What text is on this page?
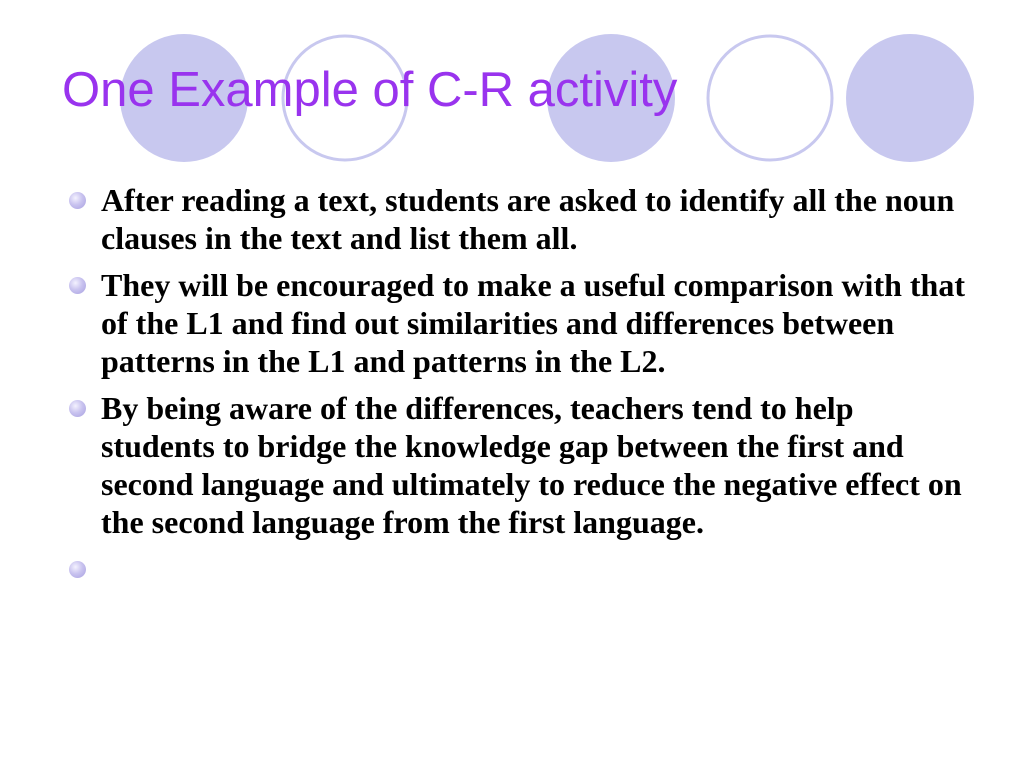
One Example of C-R activity
After reading a text, students are asked to identify all the noun clauses in the text and list them all.
They will be encouraged to make a useful comparison with that of the L1 and find out similarities and differences between patterns in the L1 and patterns in the L2.
By being aware of the differences, teachers tend to help students to bridge the knowledge gap between the first and second language and ultimately to reduce the negative effect on the second language from the first language.
